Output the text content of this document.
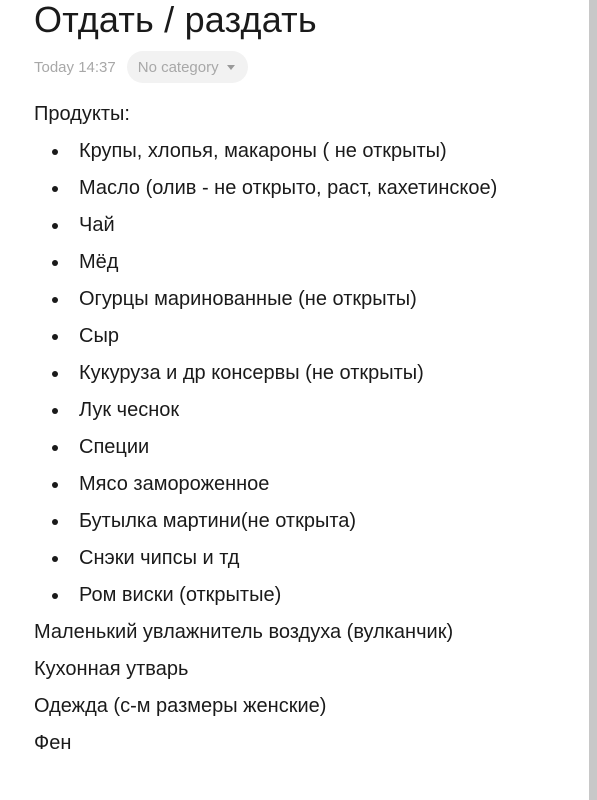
Отдать / раздать
Today 14:37 No category

Продукты:

Крупы, хлопья, макароны ( не открыты)
Масло (олив - не открыто, раст, кахетинское)
Чай
Мёд
Огурцы маринованные (не открыты)
Сыр
Кукуруза и др консервы (не открыты)
Лук чеснок
Специи
Мясо замороженное
Бутылка мартини(не открыта)
Снэки чипсы и тд
Ром виски (открытые)

Маленький увлажнитель воздуха (вулканчик)

Кухонная утварь

Одежда (с-м размеры женские)

Фен
